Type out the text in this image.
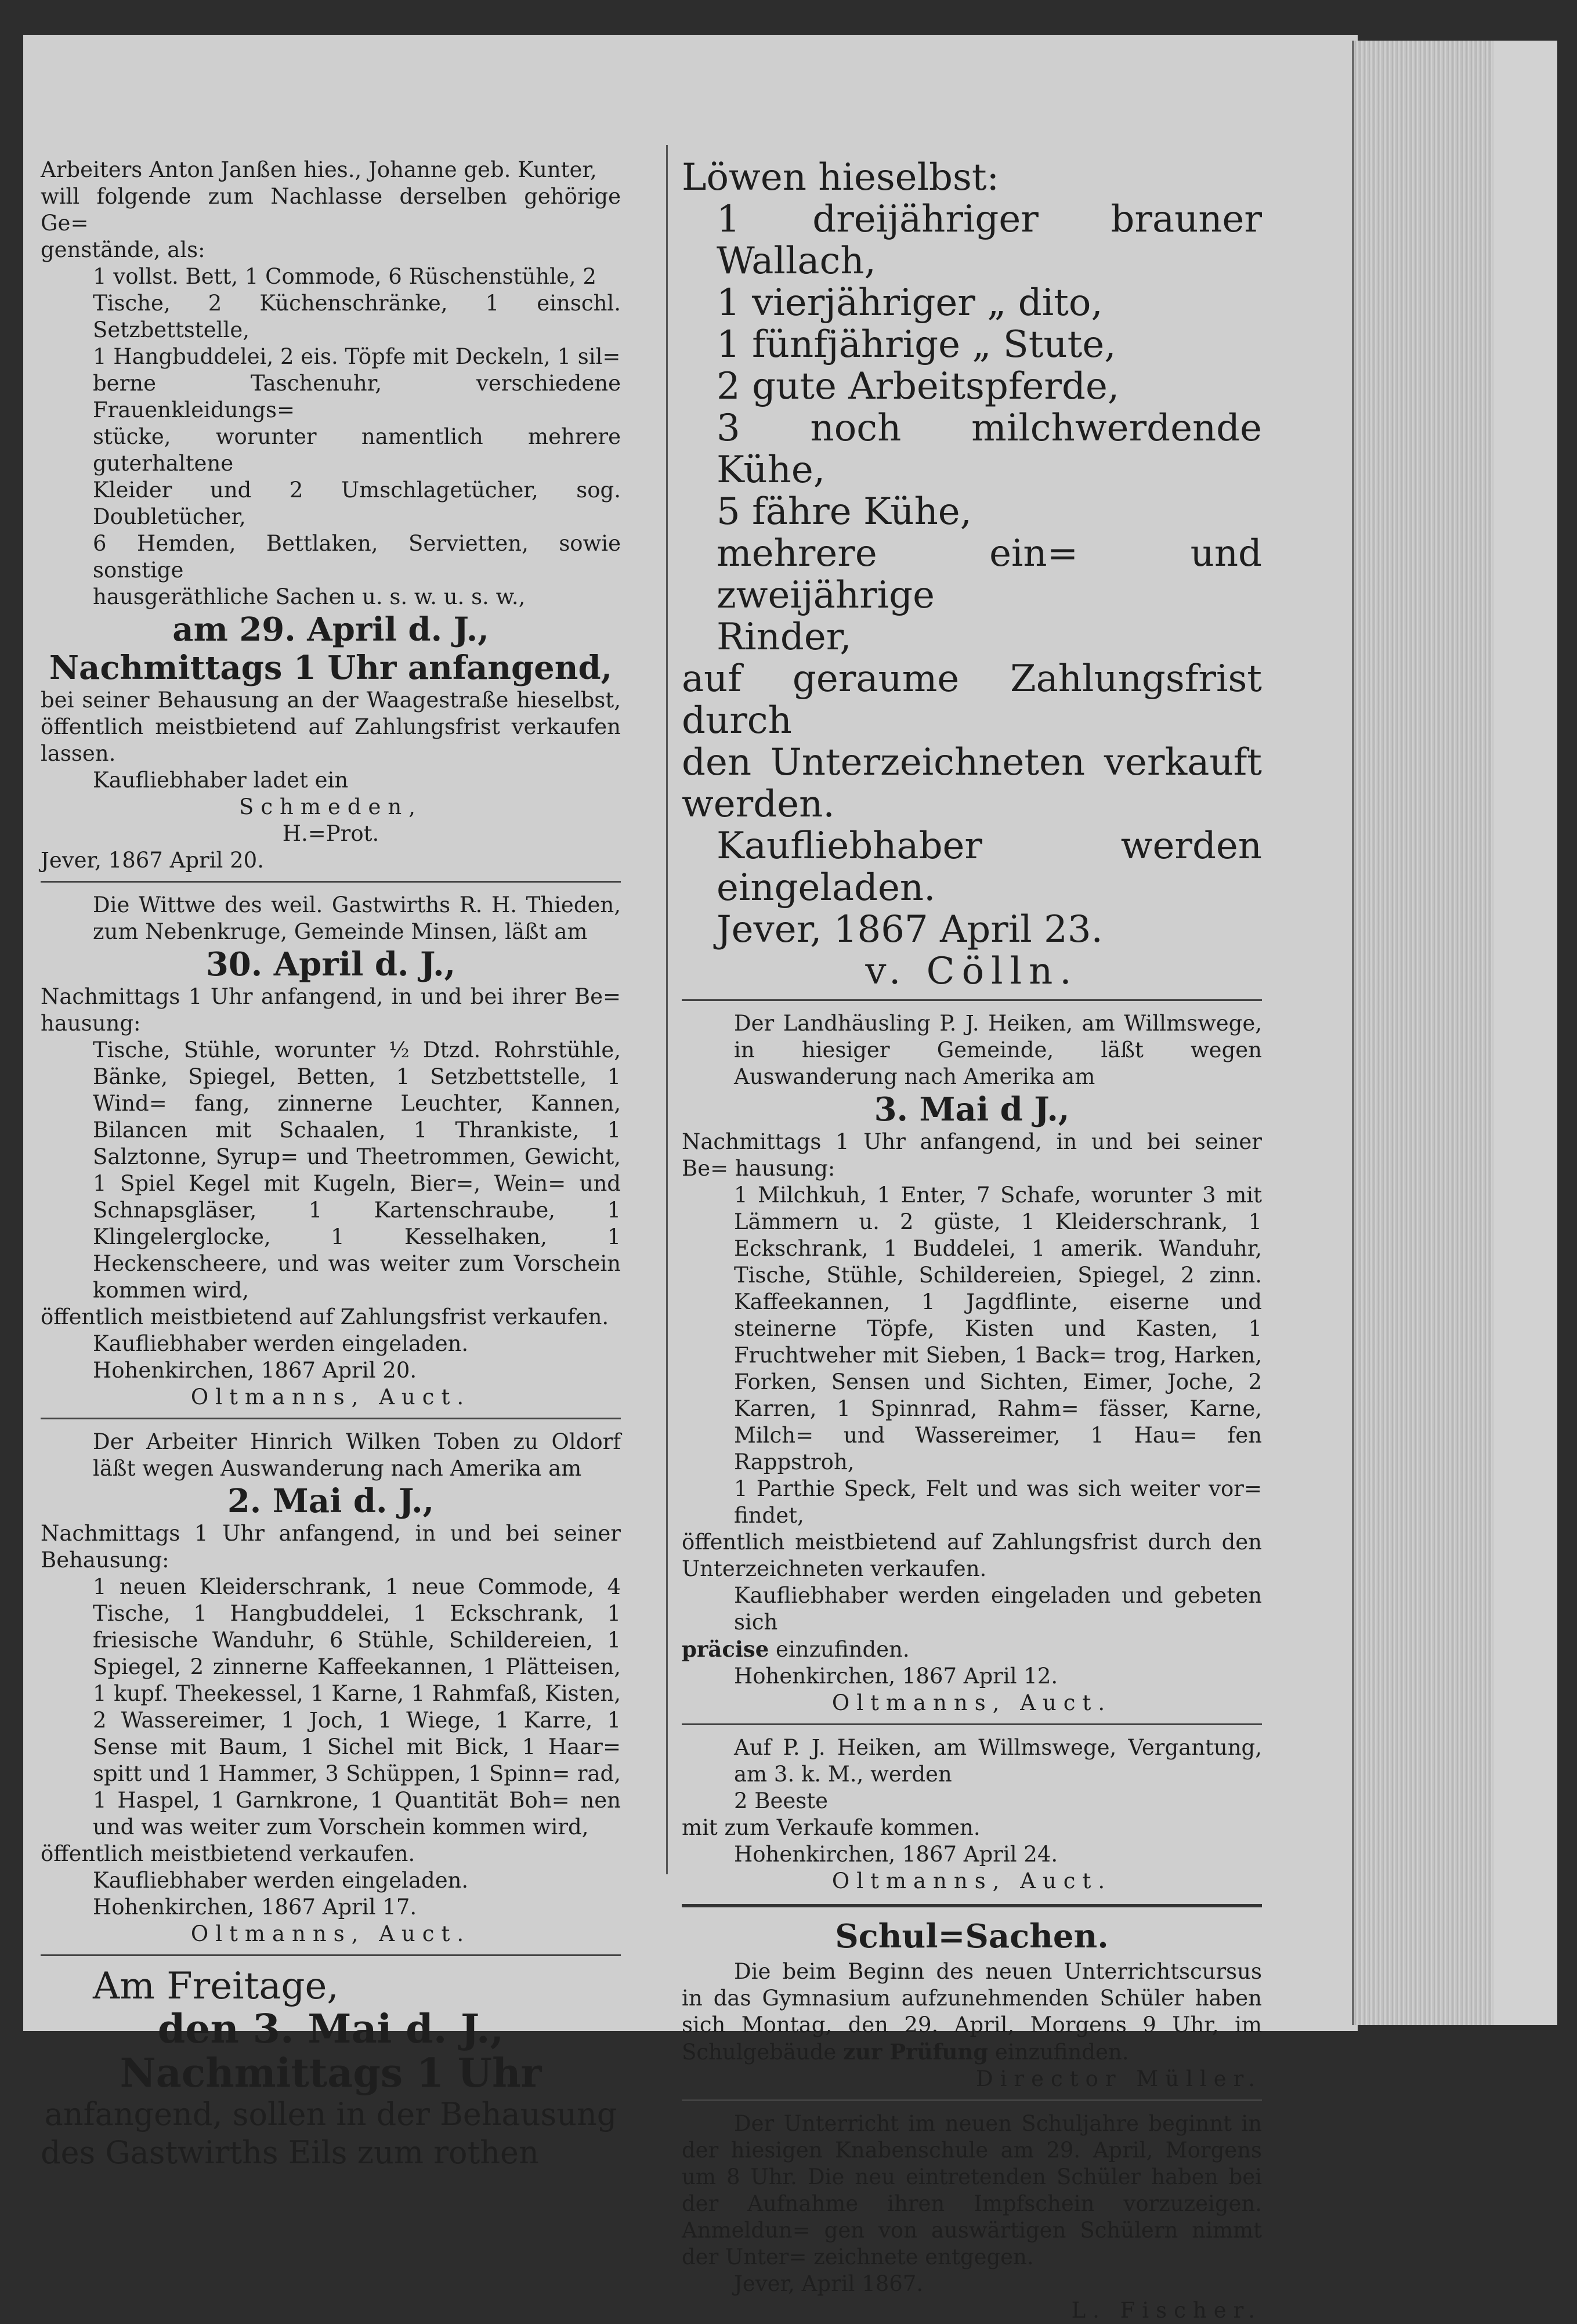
Arbeiters Anton Janßen hies., Johanne geb. Kunter,

will folgende zum Nachlasse derselben gehörige Ge=

genstände, als:

1 vollst. Bett, 1 Commode, 6 Rüschenstühle, 2

Tische, 2 Küchenschränke, 1 einschl. Setzbettstelle,

1 Hangbuddelei, 2 eis. Töpfe mit Deckeln, 1 sil=

berne Taschenuhr, verschiedene Frauenkleidungs=

stücke, worunter namentlich mehrere guterhaltene

Kleider und 2 Umschlagetücher, sog. Doubletücher,

6 Hemden, Bettlaken, Servietten, sowie sonstige

hausgeräthliche Sachen u. s. w. u. s. w.,

am 29. April d. J.,

Nachmittags 1 Uhr anfangend,

bei seiner Behausung an der Waagestraße hieselbst, öffentlich meistbietend auf Zahlungsfrist verkaufen lassen.

Kaufliebhaber ladet ein

Schmeden,

H.=Prot.

Jever, 1867 April 20.

Die Wittwe des weil. Gastwirths R. H. Thieden, zum Nebenkruge, Gemeinde Minsen, läßt am

30. April d. J.,

Nachmittags 1 Uhr anfangend, in und bei ihrer Be= hausung:

Tische, Stühle, worunter ½ Dtzd. Rohrstühle, Bänke, Spiegel, Betten, 1 Setzbettstelle, 1 Wind= fang, zinnerne Leuchter, Kannen, Bilancen mit Schaalen, 1 Thrankiste, 1 Salztonne, Syrup= und Theetrommen, Gewicht, 1 Spiel Kegel mit Kugeln, Bier=, Wein= und Schnapsgläser, 1 Kartenschraube, 1 Klingelerglocke, 1 Kesselhaken, 1 Heckenscheere, und was weiter zum Vorschein kommen wird,

öffentlich meistbietend auf Zahlungsfrist verkaufen.

Kaufliebhaber werden eingeladen.

Hohenkirchen, 1867 April 20.

Oltmanns, Auct.

Der Arbeiter Hinrich Wilken Toben zu Oldorf läßt wegen Auswanderung nach Amerika am

2. Mai d. J.,

Nachmittags 1 Uhr anfangend, in und bei seiner Behausung:

1 neuen Kleiderschrank, 1 neue Commode, 4 Tische, 1 Hangbuddelei, 1 Eckschrank, 1 friesische Wanduhr, 6 Stühle, Schildereien, 1 Spiegel, 2 zinnerne Kaffeekannen, 1 Plätteisen, 1 kupf. Theekessel, 1 Karne, 1 Rahmfaß, Kisten, 2 Wassereimer, 1 Joch, 1 Wiege, 1 Karre, 1 Sense mit Baum, 1 Sichel mit Bick, 1 Haar= spitt und 1 Hammer, 3 Schüppen, 1 Spinn= rad, 1 Haspel, 1 Garnkrone, 1 Quantität Boh= nen und was weiter zum Vorschein kommen wird,

öffentlich meistbietend verkaufen.

Kaufliebhaber werden eingeladen.

Hohenkirchen, 1867 April 17.

Oltmanns, Auct.

Am Freitage,

den 3. Mai d. J.,

Nachmittags 1 Uhr

anfangend, sollen in der Behausung

des Gastwirths Eils zum rothen

Löwen hieselbst:

1 dreijähriger brauner Wallach,

1 vierjähriger „ dito,

1 fünfjährige „ Stute,

2 gute Arbeitspferde,

3 noch milchwerdende Kühe,

5 fähre Kühe,

mehrere ein= und zweijährige

Rinder,

auf geraume Zahlungsfrist durch

den Unterzeichneten verkauft werden.

Kaufliebhaber werden eingeladen.

Jever, 1867 April 23.

v. Cölln.

Der Landhäusling P. J. Heiken, am Willmswege, in hiesiger Gemeinde, läßt wegen Auswanderung nach Amerika am

3. Mai d J.,

Nachmittags 1 Uhr anfangend, in und bei seiner Be= hausung:

1 Milchkuh, 1 Enter, 7 Schafe, worunter 3 mit Lämmern u. 2 güste, 1 Kleiderschrank, 1 Eckschrank, 1 Buddelei, 1 amerik. Wanduhr, Tische, Stühle, Schildereien, Spiegel, 2 zinn. Kaffeekannen, 1 Jagdflinte, eiserne und steinerne Töpfe, Kisten und Kasten, 1 Fruchtweher mit Sieben, 1 Back= trog, Harken, Forken, Sensen und Sichten, Eimer, Joche, 2 Karren, 1 Spinnrad, Rahm= fässer, Karne, Milch= und Wassereimer, 1 Hau= fen Rappstroh,

1 Parthie Speck, Felt und was sich weiter vor= findet,

öffentlich meistbietend auf Zahlungsfrist durch den Unterzeichneten verkaufen.

Kaufliebhaber werden eingeladen und gebeten sich

präcise einzufinden.

Hohenkirchen, 1867 April 12.

Oltmanns, Auct.

Auf P. J. Heiken, am Willmswege, Vergantung, am 3. k. M., werden

2 Beeste

mit zum Verkaufe kommen.

Hohenkirchen, 1867 April 24.

Oltmanns, Auct.

Schul=Sachen.

Die beim Beginn des neuen Unterrichtscursus in das Gymnasium aufzunehmenden Schüler haben sich Montag, den 29. April, Morgens 9 Uhr, im Schulgebäude zur Prüfung einzufinden.

Director Müller.

Der Unterricht im neuen Schuljahre beginnt in der hiesigen Knabenschule am 29. April, Morgens um 8 Uhr. Die neu eintretenden Schüler haben bei der Aufnahme ihren Impfschein vorzuzeigen. Anmeldun= gen von auswärtigen Schülern nimmt der Unter= zeichnete entgegen.

Jever, April 1867.

L. Fischer.
